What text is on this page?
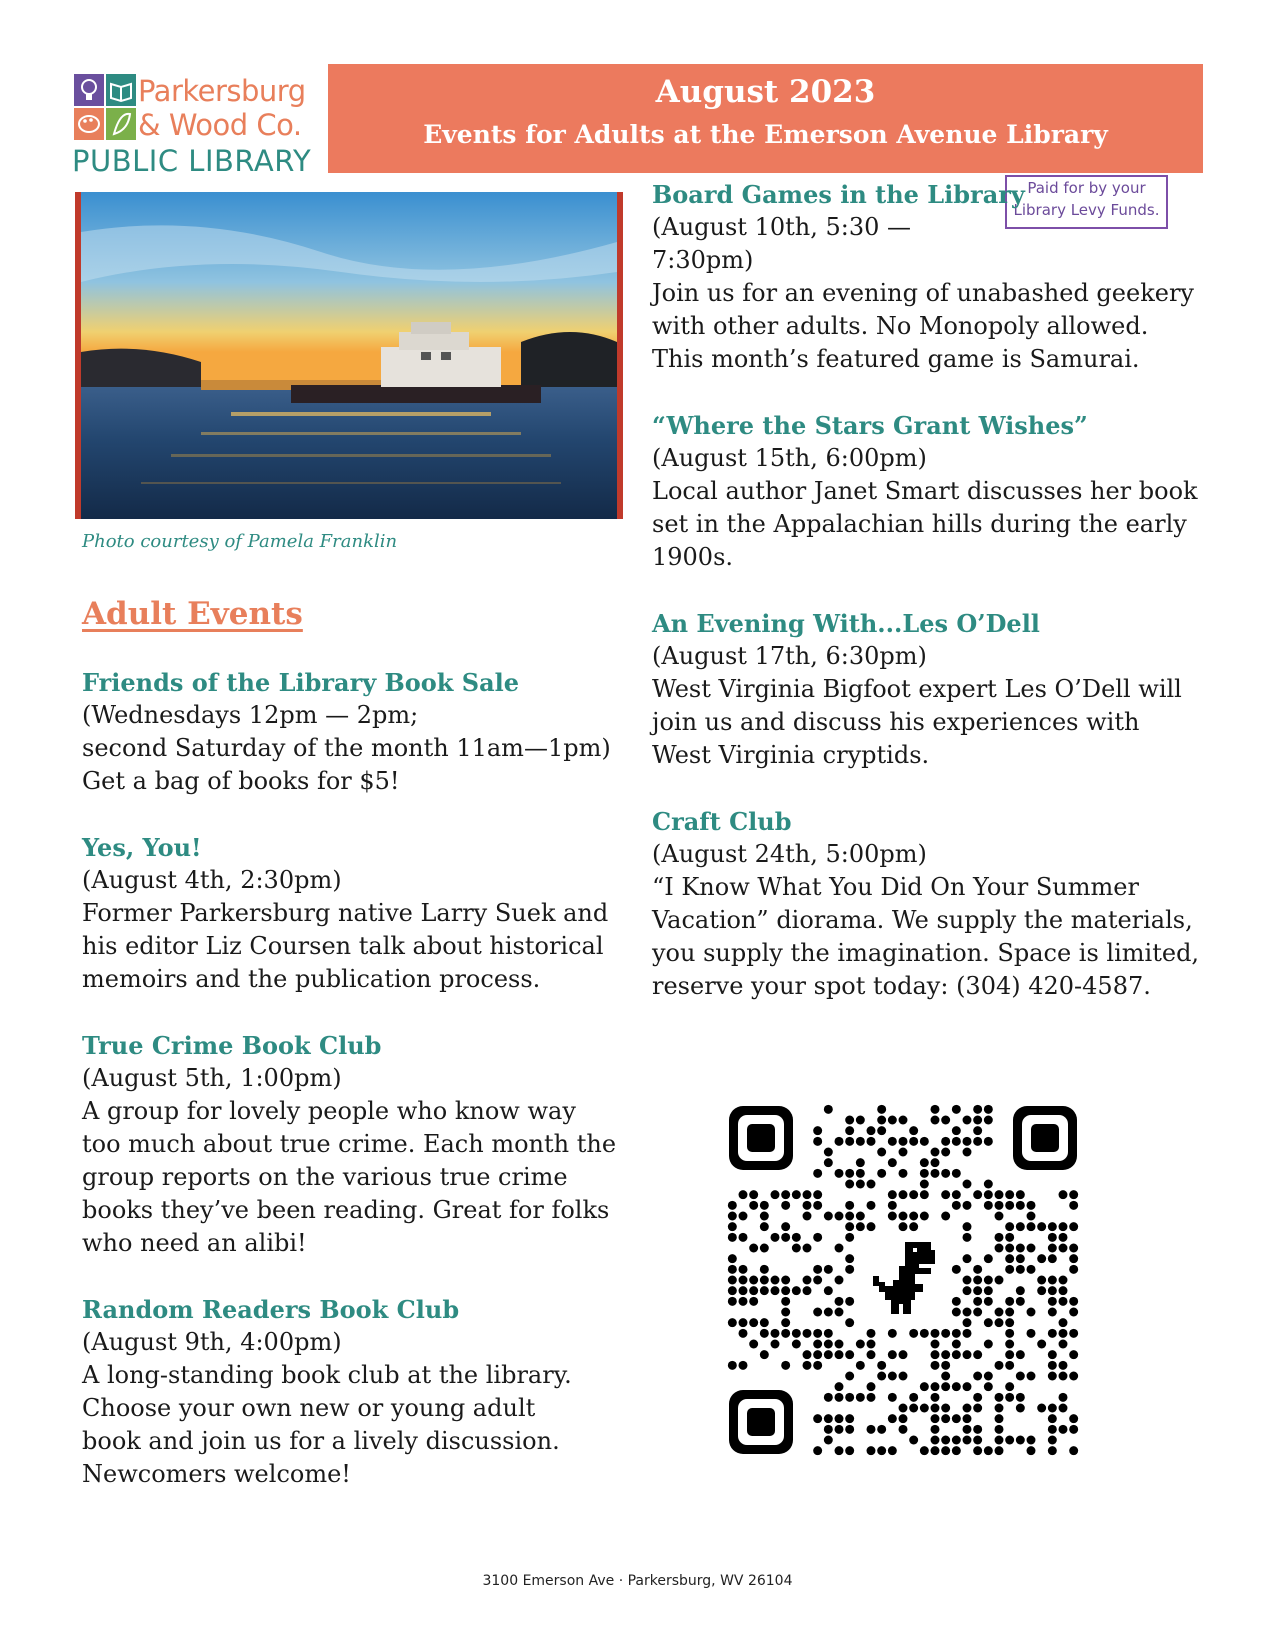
Parkersburg
& Wood Co.
PUBLIC LIBRARY
August 2023
Events for Adults at the Emerson Avenue Library
Photo courtesy of Pamela Franklin
Paid for by your
Library Levy Funds.
Adult Events
Friends of the Library Book Sale
(Wednesdays 12pm — 2pm;
second Saturday of the month 11am—1pm)
Get a bag of books for $5!
Yes, You!
(August 4th, 2:30pm)
Former Parkersburg native Larry Suek and
his editor Liz Coursen talk about historical
memoirs and the publication process.
True Crime Book Club
(August 5th, 1:00pm)
A group for lovely people who know way
too much about true crime. Each month the
group reports on the various true crime
books they’ve been reading. Great for folks
who need an alibi!
Random Readers Book Club
(August 9th, 4:00pm)
A long-standing book club at the library.
Choose your own new or young adult
book and join us for a lively discussion.
Newcomers welcome!
Board Games in the Library
(August 10th, 5:30 —
7:30pm)
Join us for an evening of unabashed geekery
with other adults. No Monopoly allowed.
This month’s featured game is Samurai.
“Where the Stars Grant Wishes”
(August 15th, 6:00pm)
Local author Janet Smart discusses her book
set in the Appalachian hills during the early
1900s.
An Evening With...Les O’Dell
(August 17th, 6:30pm)
West Virginia Bigfoot expert Les O’Dell will
join us and discuss his experiences with
West Virginia cryptids.
Craft Club
(August 24th, 5:00pm)
“I Know What You Did On Your Summer
Vacation” diorama. We supply the materials,
you supply the imagination. Space is limited,
reserve your spot today: (304) 420-4587.
3100 Emerson Ave · Parkersburg, WV 26104
